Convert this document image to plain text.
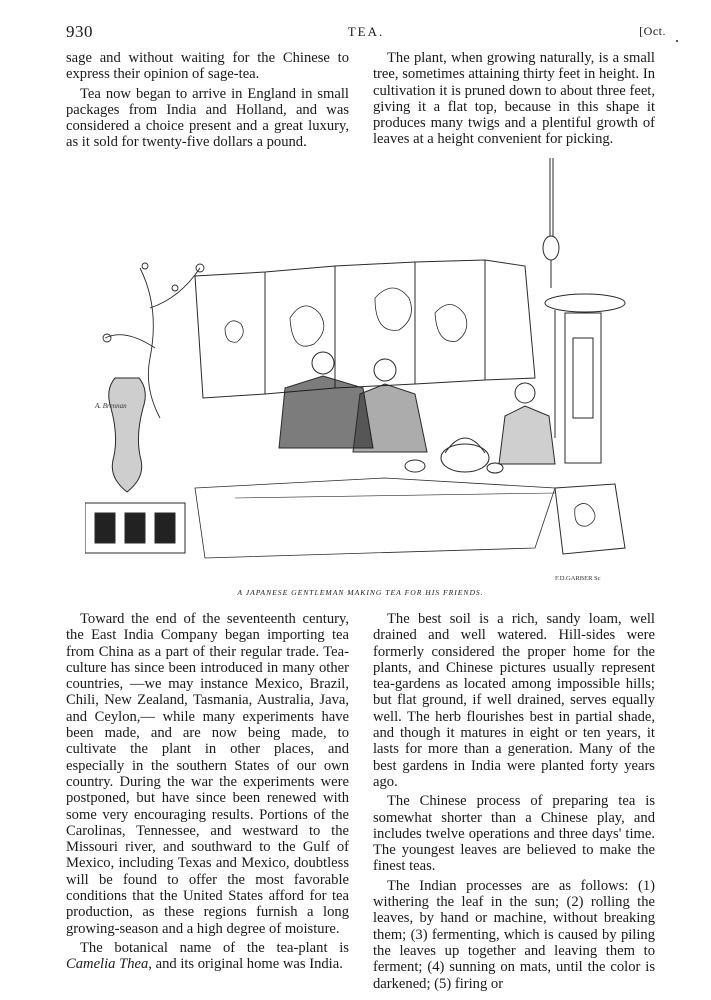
930	TEA.	[Oct.

sage and without waiting for the Chinese to express their opinion of sage-tea.

Tea now began to arrive in England in small packages from India and Holland, and was considered a choice present and a great luxury, as it sold for twenty-five dollars a pound.

The plant, when growing naturally, is a small tree, sometimes attaining thirty feet in height. In cultivation it is pruned down to about three feet, giving it a flat top, because in this shape it produces many twigs and a plentiful growth of leaves at a height convenient for picking.

A. Brennan
F.D.GARBER Sc
A JAPANESE GENTLEMAN MAKING TEA FOR HIS FRIENDS.

Toward the end of the seventeenth century, the East India Company began importing tea from China as a part of their regular trade. Tea-culture has since been introduced in many other countries, —we may instance Mexico, Brazil, Chili, New Zealand, Tasmania, Australia, Java, and Ceylon,— while many experiments have been made, and are now being made, to cultivate the plant in other places, and especially in the southern States of our own country. During the war the experiments were postponed, but have since been renewed with some very encouraging results. Portions of the Carolinas, Tennessee, and westward to the Missouri river, and southward to the Gulf of Mexico, including Texas and Mexico, doubtless will be found to offer the most favorable conditions that the United States afford for tea production, as these regions furnish a long growing-season and a high degree of moisture.

The botanical name of the tea-plant is Camelia Thea, and its original home was India.

The best soil is a rich, sandy loam, well drained and well watered. Hill-sides were formerly considered the proper home for the plants, and Chinese pictures usually represent tea-gardens as located among impossible hills; but flat ground, if well drained, serves equally well. The herb flourishes best in partial shade, and though it matures in eight or ten years, it lasts for more than a generation. Many of the best gardens in India were planted forty years ago.

The Chinese process of preparing tea is somewhat shorter than a Chinese play, and includes twelve operations and three days' time. The youngest leaves are believed to make the finest teas.

The Indian processes are as follows: (1) withering the leaf in the sun; (2) rolling the leaves, by hand or machine, without breaking them; (3) fermenting, which is caused by piling the leaves up together and leaving them to ferment; (4) sunning on mats, until the color is darkened; (5) firing or
